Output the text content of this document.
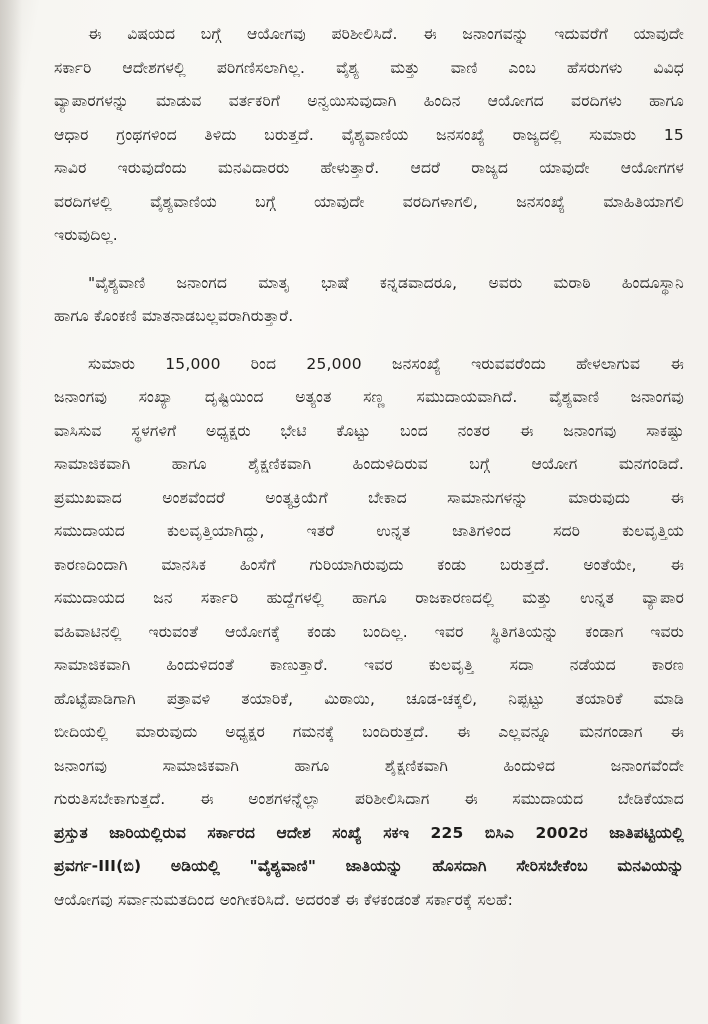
ಈ ವಿಷಯದ ಬಗ್ಗೆ ಆಯೋಗವು ಪರಿಶೀಲಿಸಿದೆ. ಈ ಜನಾಂಗವನ್ನು ಇದುವರೆಗೆ ಯಾವುದೇ
ಸರ್ಕಾರಿ ಆದೇಶಗಳಲ್ಲಿ ಪರಿಗಣಿಸಲಾಗಿಲ್ಲ. ವೈಶ್ಯ ಮತ್ತು ವಾಣಿ ಎಂಬ ಹೆಸರುಗಳು ವಿವಿಧ
ವ್ಯಾಪಾರಗಳನ್ನು ಮಾಡುವ ವರ್ತಕರಿಗೆ ಅನ್ವಯಿಸುವುದಾಗಿ ಹಿಂದಿನ ಆಯೋಗದ ವರದಿಗಳು ಹಾಗೂ
ಆಧಾರ ಗ್ರಂಥಗಳಿಂದ ತಿಳಿದು ಬರುತ್ತದೆ. ವೈಶ್ಯವಾಣಿಯ ಜನಸಂಖ್ಯೆ ರಾಜ್ಯದಲ್ಲಿ ಸುಮಾರು 15
ಸಾವಿರ ಇರುವುದೆಂದು ಮನವಿದಾರರು ಹೇಳುತ್ತಾರೆ. ಆದರೆ ರಾಜ್ಯದ ಯಾವುದೇ ಆಯೋಗಗಳ
ವರದಿಗಳಲ್ಲಿ ವೈಶ್ಯವಾಣಿಯ ಬಗ್ಗೆ ಯಾವುದೇ ವರದಿಗಳಾಗಲಿ, ಜನಸಂಖ್ಯೆ ಮಾಹಿತಿಯಾಗಲಿ
ಇರುವುದಿಲ್ಲ.
"ವೈಶ್ಯವಾಣಿ ಜನಾಂಗದ ಮಾತೃ ಭಾಷೆ ಕನ್ನಡವಾದರೂ, ಅವರು ಮರಾಠಿ ಹಿಂದೂಸ್ಥಾನಿ
ಹಾಗೂ ಕೊಂಕಣಿ ಮಾತನಾಡಬಲ್ಲವರಾಗಿರುತ್ತಾರೆ.
ಸುಮಾರು 15,000 ರಿಂದ 25,000 ಜನಸಂಖ್ಯೆ ಇರುವವರೆಂದು ಹೇಳಲಾಗುವ ಈ
ಜನಾಂಗವು ಸಂಖ್ಯಾ ದೃಷ್ಟಿಯಿಂದ ಅತ್ಯಂತ ಸಣ್ಣ ಸಮುದಾಯವಾಗಿದೆ. ವೈಶ್ಯವಾಣಿ ಜನಾಂಗವು
ವಾಸಿಸುವ ಸ್ಥಳಗಳಿಗೆ ಅಧ್ಯಕ್ಷರು ಭೇಟಿ ಕೊಟ್ಟು ಬಂದ ನಂತರ ಈ ಜನಾಂಗವು ಸಾಕಷ್ಟು
ಸಾಮಾಜಿಕವಾಗಿ ಹಾಗೂ ಶೈಕ್ಷಣಿಕವಾಗಿ ಹಿಂದುಳಿದಿರುವ ಬಗ್ಗೆ ಆಯೋಗ ಮನಗಂಡಿದೆ.
ಪ್ರಮುಖವಾದ ಅಂಶವೆಂದರೆ ಅಂತ್ಯಕ್ರಿಯೆಗೆ ಬೇಕಾದ ಸಾಮಾನುಗಳನ್ನು ಮಾರುವುದು ಈ
ಸಮುದಾಯದ ಕುಲವೃತ್ತಿಯಾಗಿದ್ದು, ಇತರೆ ಉನ್ನತ ಜಾತಿಗಳಿಂದ ಸದರಿ ಕುಲವೃತ್ತಿಯ
ಕಾರಣದಿಂದಾಗಿ ಮಾನಸಿಕ ಹಿಂಸೆಗೆ ಗುರಿಯಾಗಿರುವುದು ಕಂಡು ಬರುತ್ತದೆ. ಅಂತೆಯೇ, ಈ
ಸಮುದಾಯದ ಜನ ಸರ್ಕಾರಿ ಹುದ್ದೆಗಳಲ್ಲಿ ಹಾಗೂ ರಾಜಕಾರಣದಲ್ಲಿ ಮತ್ತು ಉನ್ನತ ವ್ಯಾಪಾರ
ವಹಿವಾಟಿನಲ್ಲಿ ಇರುವಂತೆ ಆಯೋಗಕ್ಕೆ ಕಂಡು ಬಂದಿಲ್ಲ. ಇವರ ಸ್ಥಿತಿಗತಿಯನ್ನು ಕಂಡಾಗ ಇವರು
ಸಾಮಾಜಿಕವಾಗಿ ಹಿಂದುಳಿದಂತೆ ಕಾಣುತ್ತಾರೆ. ಇವರ ಕುಲವೃತ್ತಿ ಸದಾ ನಡೆಯದ ಕಾರಣ
ಹೊಟ್ಟೆಪಾಡಿಗಾಗಿ ಪತ್ರಾವಳಿ ತಯಾರಿಕೆ, ಮಿಠಾಯಿ, ಚೂಡ-ಚಕ್ಕಲಿ, ನಿಪ್ಪಟ್ಟು ತಯಾರಿಕೆ ಮಾಡಿ
ಬೀದಿಯಲ್ಲಿ ಮಾರುವುದು ಅಧ್ಯಕ್ಷರ ಗಮನಕ್ಕೆ ಬಂದಿರುತ್ತದೆ. ಈ ಎಲ್ಲವನ್ನೂ ಮನಗಂಡಾಗ ಈ
ಜನಾಂಗವು ಸಾಮಾಜಿಕವಾಗಿ ಹಾಗೂ ಶೈಕ್ಷಣಿಕವಾಗಿ ಹಿಂದುಳಿದ ಜನಾಂಗವೆಂದೇ
ಗುರುತಿಸಬೇಕಾಗುತ್ತದೆ. ಈ ಅಂಶಗಳನ್ನೆಲ್ಲಾ ಪರಿಶೀಲಿಸಿದಾಗ ಈ ಸಮುದಾಯದ ಬೇಡಿಕೆಯಾದ
ಪ್ರಸ್ತುತ ಜಾರಿಯಲ್ಲಿರುವ ಸರ್ಕಾರದ ಆದೇಶ ಸಂಖ್ಯೆ ಸಕಇ 225 ಬಿಸಿಎ 2002ರ ಜಾತಿಪಟ್ಟಿಯಲ್ಲಿ
ಪ್ರವರ್ಗ-III(ಬಿ) ಅಡಿಯಲ್ಲಿ "ವೈಶ್ಯವಾಣಿ" ಜಾತಿಯನ್ನು ಹೊಸದಾಗಿ ಸೇರಿಸಬೇಕೆಂಬ ಮನವಿಯನ್ನು
ಆಯೋಗವು ಸರ್ವಾನುಮತದಿಂದ ಅಂಗೀಕರಿಸಿದೆ. ಅದರಂತೆ ಈ ಕೆಳಕಂಡಂತೆ ಸರ್ಕಾರಕ್ಕೆ ಸಲಹೆ:
